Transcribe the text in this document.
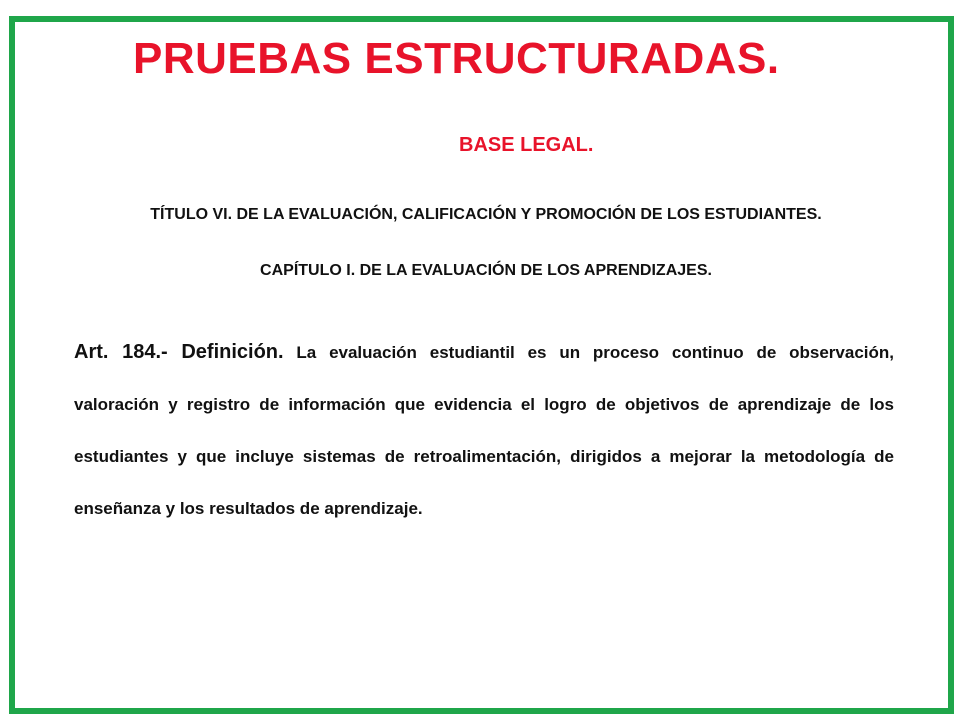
PRUEBAS ESTRUCTURADAS.
BASE LEGAL.

TÍTULO VI. DE LA EVALUACIÓN, CALIFICACIÓN Y PROMOCIÓN DE LOS ESTUDIANTES.

CAPÍTULO I. DE LA EVALUACIÓN DE LOS APRENDIZAJES.

Art. 184.- Definición. La evaluación estudiantil es un proceso continuo de observación, valoración y registro de información que evidencia el logro de objetivos de aprendizaje de los estudiantes y que incluye sistemas de retroalimentación, dirigidos a mejorar la metodología de enseñanza y los resultados de aprendizaje.
